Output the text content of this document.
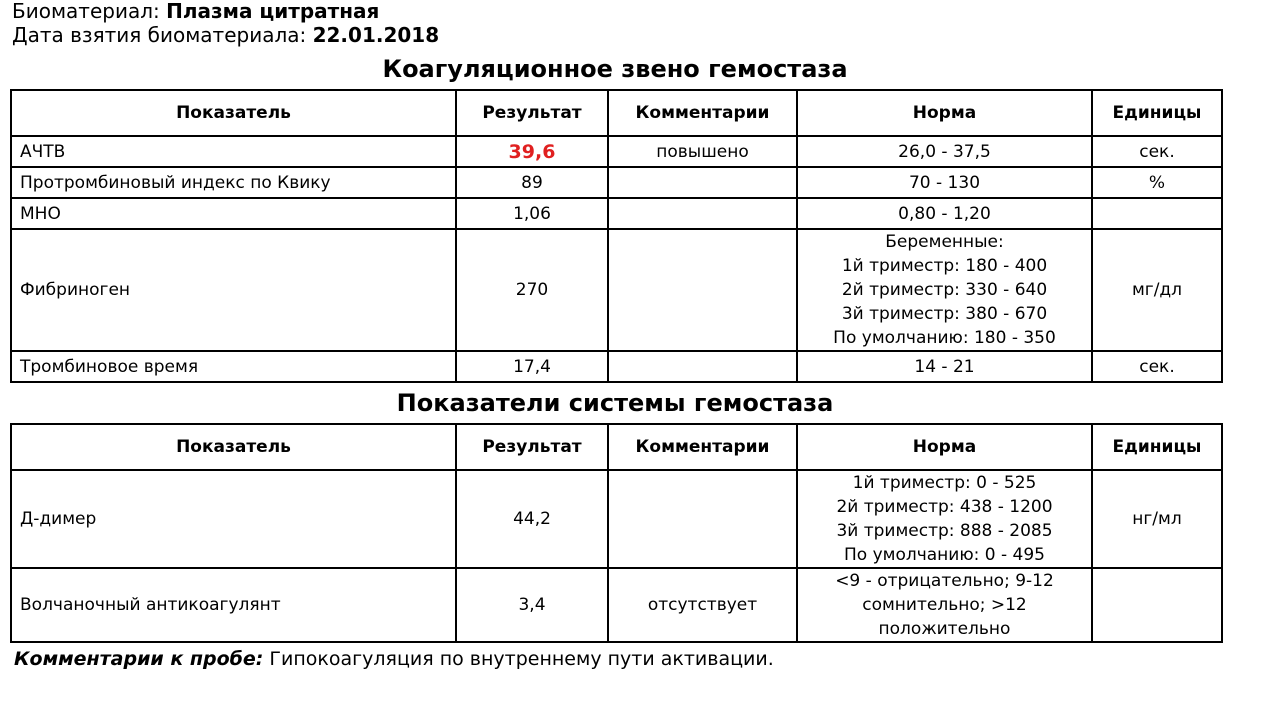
Биоматериал: Плазма цитратная
Дата взятия биоматериала: 22.01.2018
Коагуляционное звено гемостаза
Показатель	Результат	Комментарии	Норма	Единицы
АЧТВ	39,6	повышено	26,0 - 37,5	сек.
Протромбиновый индекс по Квику	89		70 - 130	%
МНО	1,06		0,80 - 1,20	
Фибриноген	270		Беременные:
1й триместр: 180 - 400
2й триместр: 330 - 640
3й триместр: 380 - 670
По умолчанию: 180 - 350	мг/дл
Тромбиновое время	17,4		14 - 21	сек.
Показатели системы гемостаза
Показатель	Результат	Комментарии	Норма	Единицы
Д-димер	44,2		1й триместр: 0 - 525
2й триместр: 438 - 1200
3й триместр: 888 - 2085
По умолчанию: 0 - 495	нг/мл
Волчаночный антикоагулянт	3,4	отсутствует	<9 - отрицательно; 9-12
сомнительно; >12
положительно	

Комментарии к пробе: Гипокоагуляция по внутреннему пути активации.
